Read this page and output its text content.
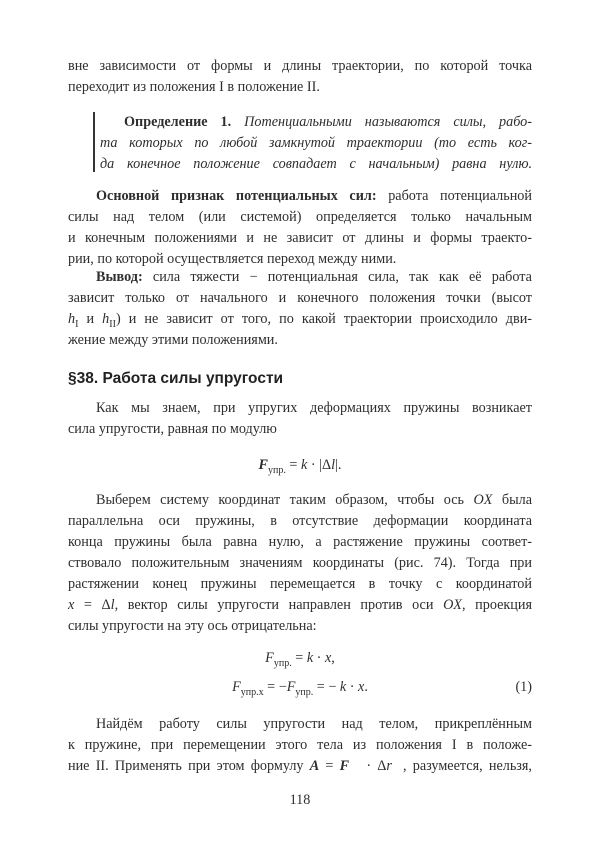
вне зависимости от формы и длины траектории, по которой точка
переходит из положения I в положение II.
Определение 1. Потенциальными называются силы, рабо-
та которых по любой замкнутой траектории (то есть ког-
да конечное положение совпадает с начальным) равна нулю.
Основной признак потенциальных сил: работа потенциальной
силы над телом (или системой) определяется только начальным
и конечным положениями и не зависит от длины и формы траекто-
рии, по которой осуществляется переход между ними.
Вывод: сила тяжести − потенциальная сила, так как её работа
зависит только от начального и конечного положения точки (высот
$h_I$ и $h_{II}$) и не зависит от того, по какой траектории происходило дви-
жение между этими положениями.
§38. Работа силы упругости
Как мы знаем, при упругих деформациях пружины возникает
сила упругости, равная по модулю
$F_{упр.} = k \cdot |\Delta l|$.
Выберем систему координат таким образом, чтобы ось OX была
параллельна оси пружины, в отсутствие деформации координата
конца пружины была равна нулю, а растяжение пружины соответ-
ствовало положительным значениям координаты (рис. 74). Тогда при
растяжении конец пружины перемещается в точку с координатой
x = Δl, вектор силы упругости направлен против оси OX, проекция
силы упругости на эту ось отрицательна:
$F_{упр.} = k \cdot x$,
$F_{упр.x} = -F_{упр.}$ = − k · x.	(1)
Найдём работу силы упругости над телом, прикреплённым
к пружине, при перемещении этого тела из положения I в положе-
ние II. Применять при этом формулу A = F⃗ · Δr⃗, разумеется, нельзя,
118
